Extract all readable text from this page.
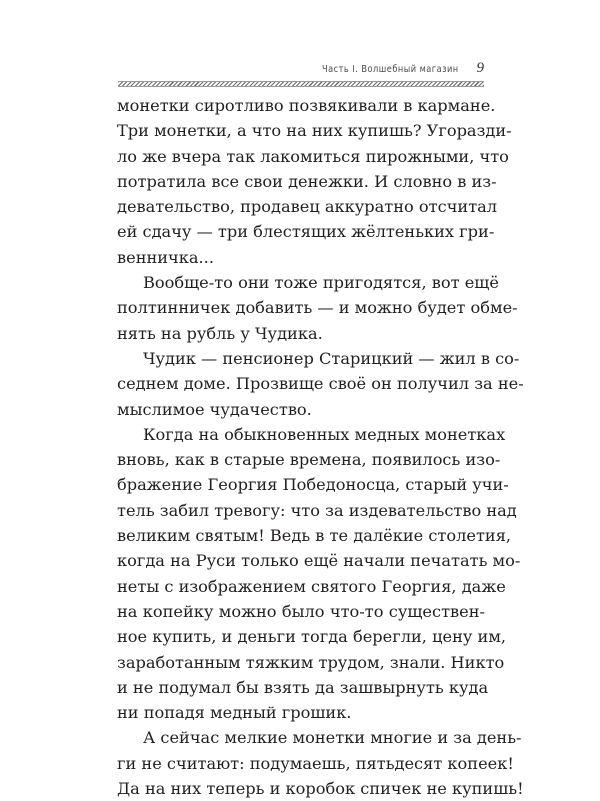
Часть I. Волшебный магазин 9
монетки сиротливо позвякивали в кармане.
Три монетки, а что на них купишь? Угоразди-
ло же вчера так лакомиться пирожными, что
потратила все свои денежки. И словно в из-
девательство, продавец аккуратно отсчитал
ей сдачу — три блестящих жёлтеньких гри-
венничка...
Вообще-то они тоже пригодятся, вот ещё
полтинничек добавить — и можно будет обме-
нять на рубль у Чудика.
Чудик — пенсионер Старицкий — жил в со-
седнем доме. Прозвище своё он получил за не-
мыслимое чудачество.
Когда на обыкновенных медных монетках
вновь, как в старые времена, появилось изо-
бражение Георгия Победоносца, старый учи-
тель забил тревогу: что за издевательство над
великим святым! Ведь в те далёкие столетия,
когда на Руси только ещё начали печатать мо-
неты с изображением святого Георгия, даже
на копейку можно было что-то существен-
ное купить, и деньги тогда берегли, цену им,
заработанным тяжким трудом, знали. Никто
и не подумал бы взять да зашвырнуть куда
ни попадя медный грошик.
А сейчас мелкие монетки многие и за день-
ги не считают: подумаешь, пятьдесят копеек!
Да на них теперь и коробок спичек не купишь!
